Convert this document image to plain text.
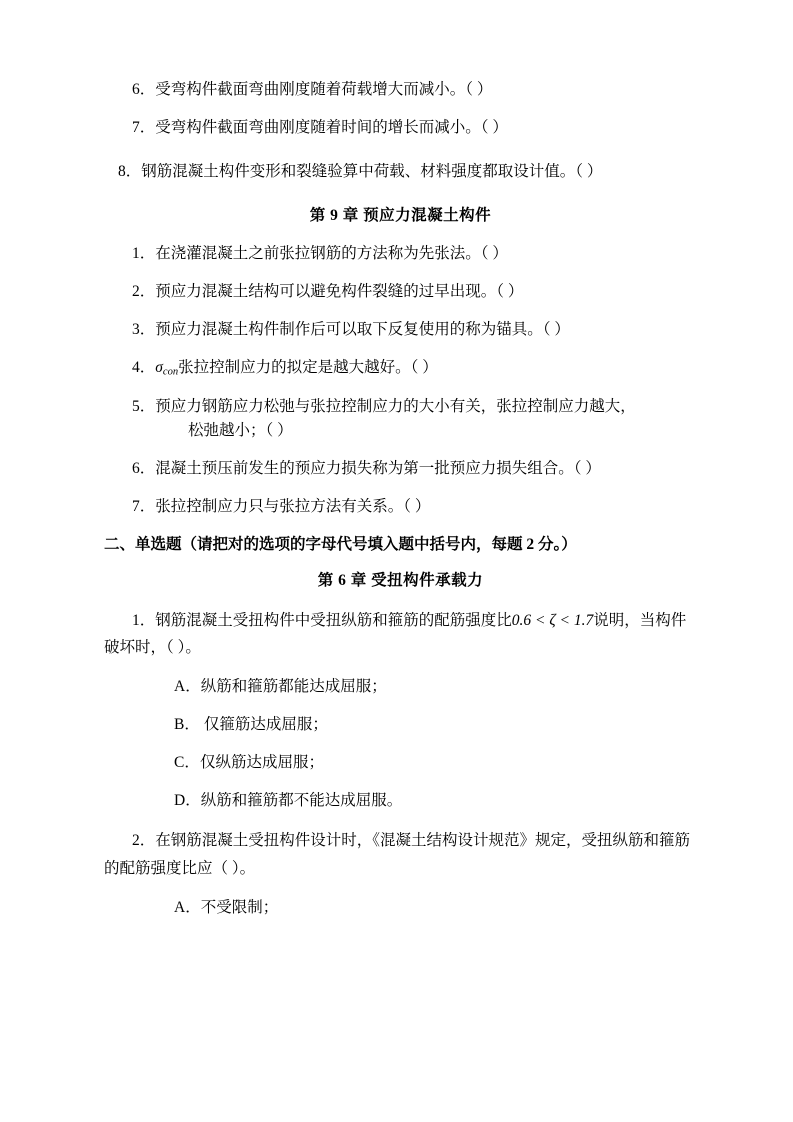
6．受弯构件截面弯曲刚度随着荷载增大而减小。（ ）
7．受弯构件截面弯曲刚度随着时间的增长而减小。（ ）
8．钢筋混凝土构件变形和裂缝验算中荷载、材料强度都取设计值。（ ）
第 9 章 预应力混凝土构件
1．在浇灌混凝土之前张拉钢筋的方法称为先张法。（ ）
2．预应力混凝土结构可以避免构件裂缝的过早出现。（ ）
3．预应力混凝土构件制作后可以取下反复使用的称为锚具。（ ）
4．$\sigma_{con}$张拉控制应力的拟定是越大越好。（ ）
5．预应力钢筋应力松弛与张拉控制应力的大小有关，张拉控制应力越大，
松弛越小；（ ）
6．混凝土预压前发生的预应力损失称为第一批预应力损失组合。（ ）
7．张拉控制应力只与张拉方法有关系。（ ）
二、单选题（请把对的选项的字母代号填入题中括号内，每题 2 分。）
第 6 章 受扭构件承载力
1．钢筋混凝土受扭构件中受扭纵筋和箍筋的配筋强度比0.6 < ζ < 1.7说明，当构件破坏时，（ ）。
A．纵筋和箍筋都能达成屈服；
B． 仅箍筋达成屈服；
C．仅纵筋达成屈服；
D．纵筋和箍筋都不能达成屈服。
2．在钢筋混凝土受扭构件设计时，《混凝土结构设计规范》规定，受扭纵筋和箍筋的配筋强度比应（ ）。
A．不受限制；
